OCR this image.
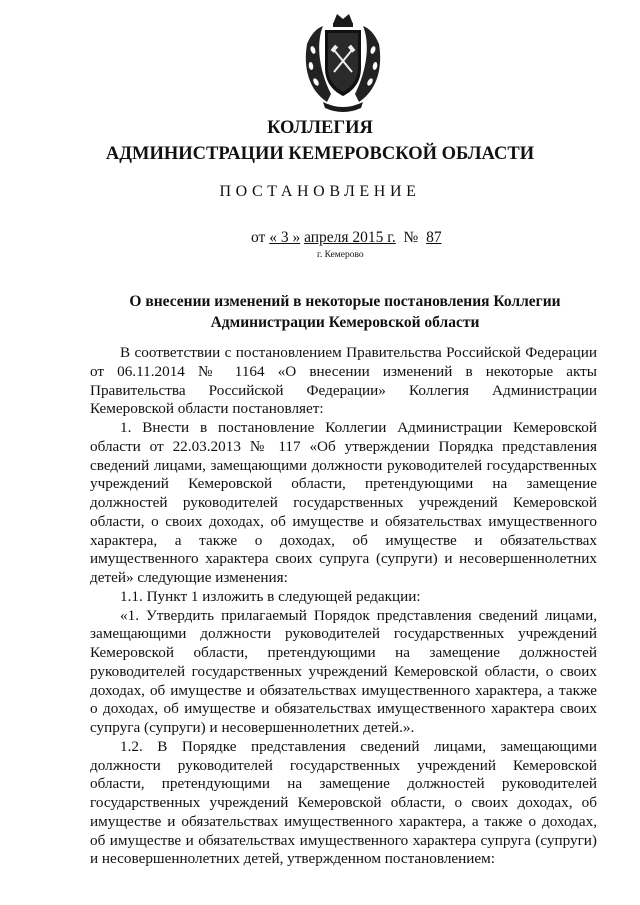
КОЛЛЕГИЯ
АДМИНИСТРАЦИИ КЕМЕРОВСКОЙ ОБЛАСТИ
ПОСТАНОВЛЕНИЕ
от « 3 » апреля 2015 г. № 87
г. Кемерово
О внесении изменений в некоторые постановления Коллегии Администрации Кемеровской области

В соответствии с постановлением Правительства Российской Федерации от 06.11.2014 № 1164 «О внесении изменений в некоторые акты Правительства Российской Федерации» Коллегия Администрации Кемеровской области постановляет:

1. Внести в постановление Коллегии Администрации Кемеровской области от 22.03.2013 № 117 «Об утверждении Порядка представления сведений лицами, замещающими должности руководителей государственных учреждений Кемеровской области, претендующими на замещение должностей руководителей государственных учреждений Кемеровской области, о своих доходах, об имуществе и обязательствах имущественного характера, а также о доходах, об имуществе и обязательствах имущественного характера своих супруга (супруги) и несовершеннолетних детей» следующие изменения:

1.1. Пункт 1 изложить в следующей редакции:

«1. Утвердить прилагаемый Порядок представления сведений лицами, замещающими должности руководителей государственных учреждений Кемеровской области, претендующими на замещение должностей руководителей государственных учреждений Кемеровской области, о своих доходах, об имуществе и обязательствах имущественного характера, а также о доходах, об имуществе и обязательствах имущественного характера своих супруга (супруги) и несовершеннолетних детей.».

1.2. В Порядке представления сведений лицами, замещающими должности руководителей государственных учреждений Кемеровской области, претендующими на замещение должностей руководителей государственных учреждений Кемеровской области, о своих доходах, об имуществе и обязательствах имущественного характера, а также о доходах, об имуществе и обязательствах имущественного характера супруга (супруги) и несовершеннолетних детей, утвержденном постановлением:
